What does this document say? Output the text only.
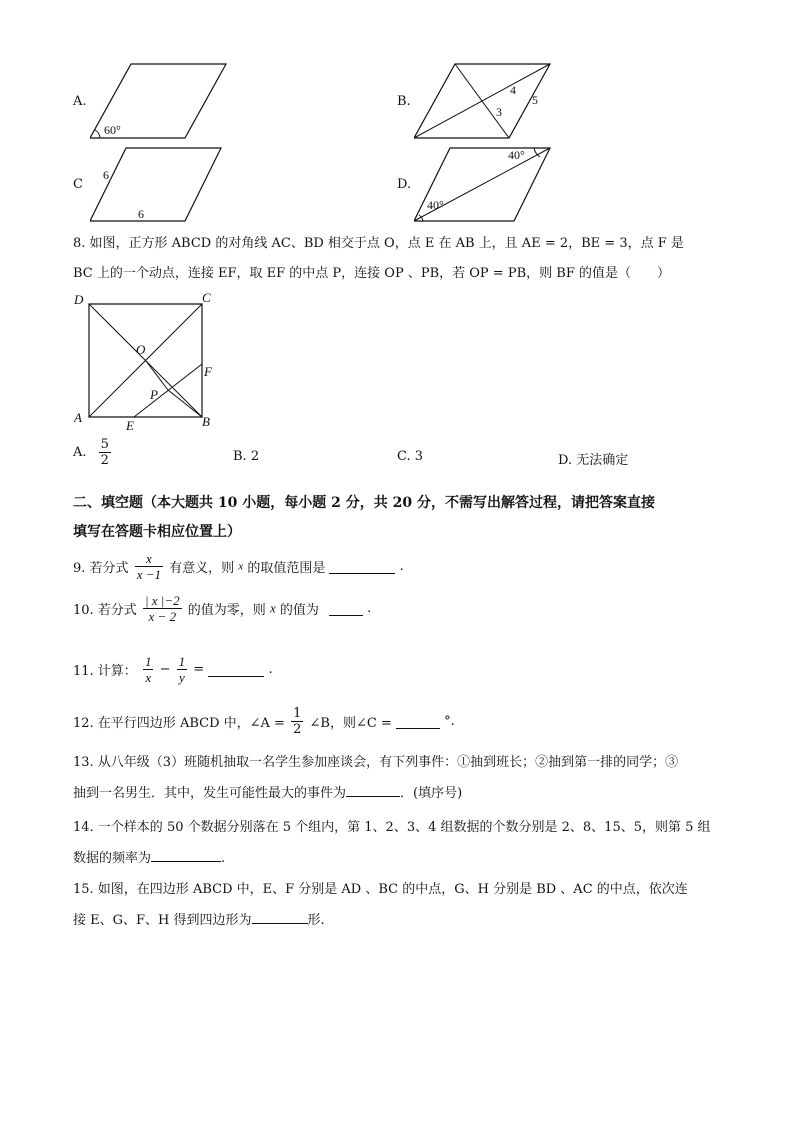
A.
60°
B.
4
5
3
C
6
6
D.
40°
40°
8. 如图，正方形 ABCD 的对角线 AC、BD 相交于点 O，点 E 在 AB 上，且 AE = 2，BE = 3，点 F 是
BC 上的一个动点，连接 EF，取 EF 的中点 P，连接 OP 、PB，若 OP = PB，则 BF 的值是（　　）
D	C
O
F
P
A
E	B
A. $\frac{5}{2}$	B. 2	C. 3	D. 无法确定
二、填空题（本大题共 10 小题，每小题 2 分，共 20 分，不需写出解答过程，请把答案直接
填写在答题卡相应位置上）
9. 若分式 $\frac{x}{x -1}$ 有意义，则 x 的取值范围是	.
10. 若分式 $\frac{| x |-2}{x - 2}$ 的值为零，则 x 的值为	.
11. 计算： $\frac{1}{x} - \frac{1}{y}$ =	.
12. 在平行四边形 ABCD 中，∠A = $\frac{1}{2}$ ∠B，则∠C =	°.
13. 从八年级（3）班随机抽取一名学生参加座谈会，有下列事件：①抽到班长；②抽到第一排的同学；③
抽到一名男生．其中，发生可能性最大的事件为	．(填序号)
14. 一个样本的 50 个数据分别落在 5 个组内，第 1、2、3、4 组数据的个数分别是 2、8、15、5，则第 5 组
数据的频率为	.
15. 如图，在四边形 ABCD 中，E、F 分别是 AD 、BC 的中点，G、H 分别是 BD 、AC 的中点，依次连
接 E、G、F、H 得到四边形为	形.
